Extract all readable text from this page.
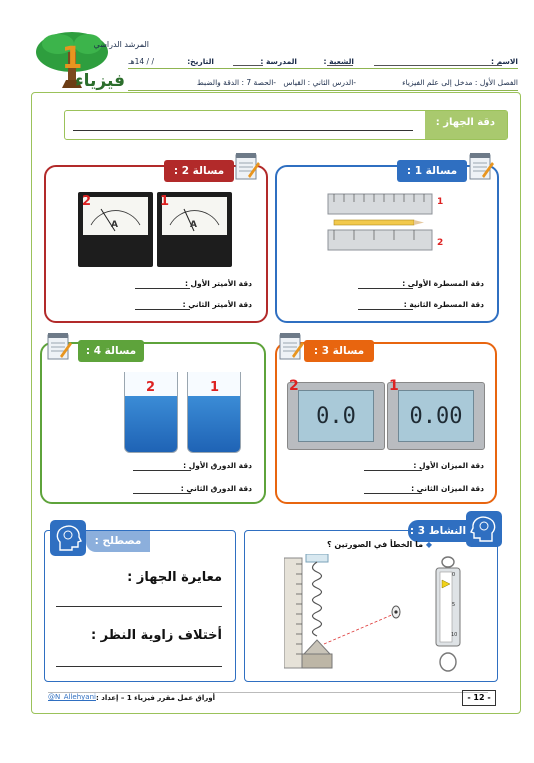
1
فيزياء
المرشد الدراسي
الاسم :
الشعبة :
المدرسة :
التاريخ:
/ / 14هـ
الفصل الأول : مدخل إلى علم الفيزياء
-الدرس الثاني : القياس
-الحصة 7 : الدقة والضبط
دقة الجهاز :
مسالة 2 :
A
2
A
1
دقة الأميتر الأول :
دقة الأميتر الثاني :
مسالة 1 :
1
2
دقة المسطرة الأولى :
دقة المسطرة الثانية :
مسالة 4 :
2	1
دقة الدورق الأول :
دقة الدورق الثاني :
مسالة 3 :
0.0
2
0.00
1
دقة الميزان الأول :
دقة الميزان الثاني :
مصطلح :
معايرة الجهاز :
أختلاف زاوية النظر :
النشاط 3 :
◆ ما الخطأ في الصورتين ؟
0
5
10
- 12 -
أوراق عمل مقرر فيزياء 1 – إعداد :
@N_Allehyani
